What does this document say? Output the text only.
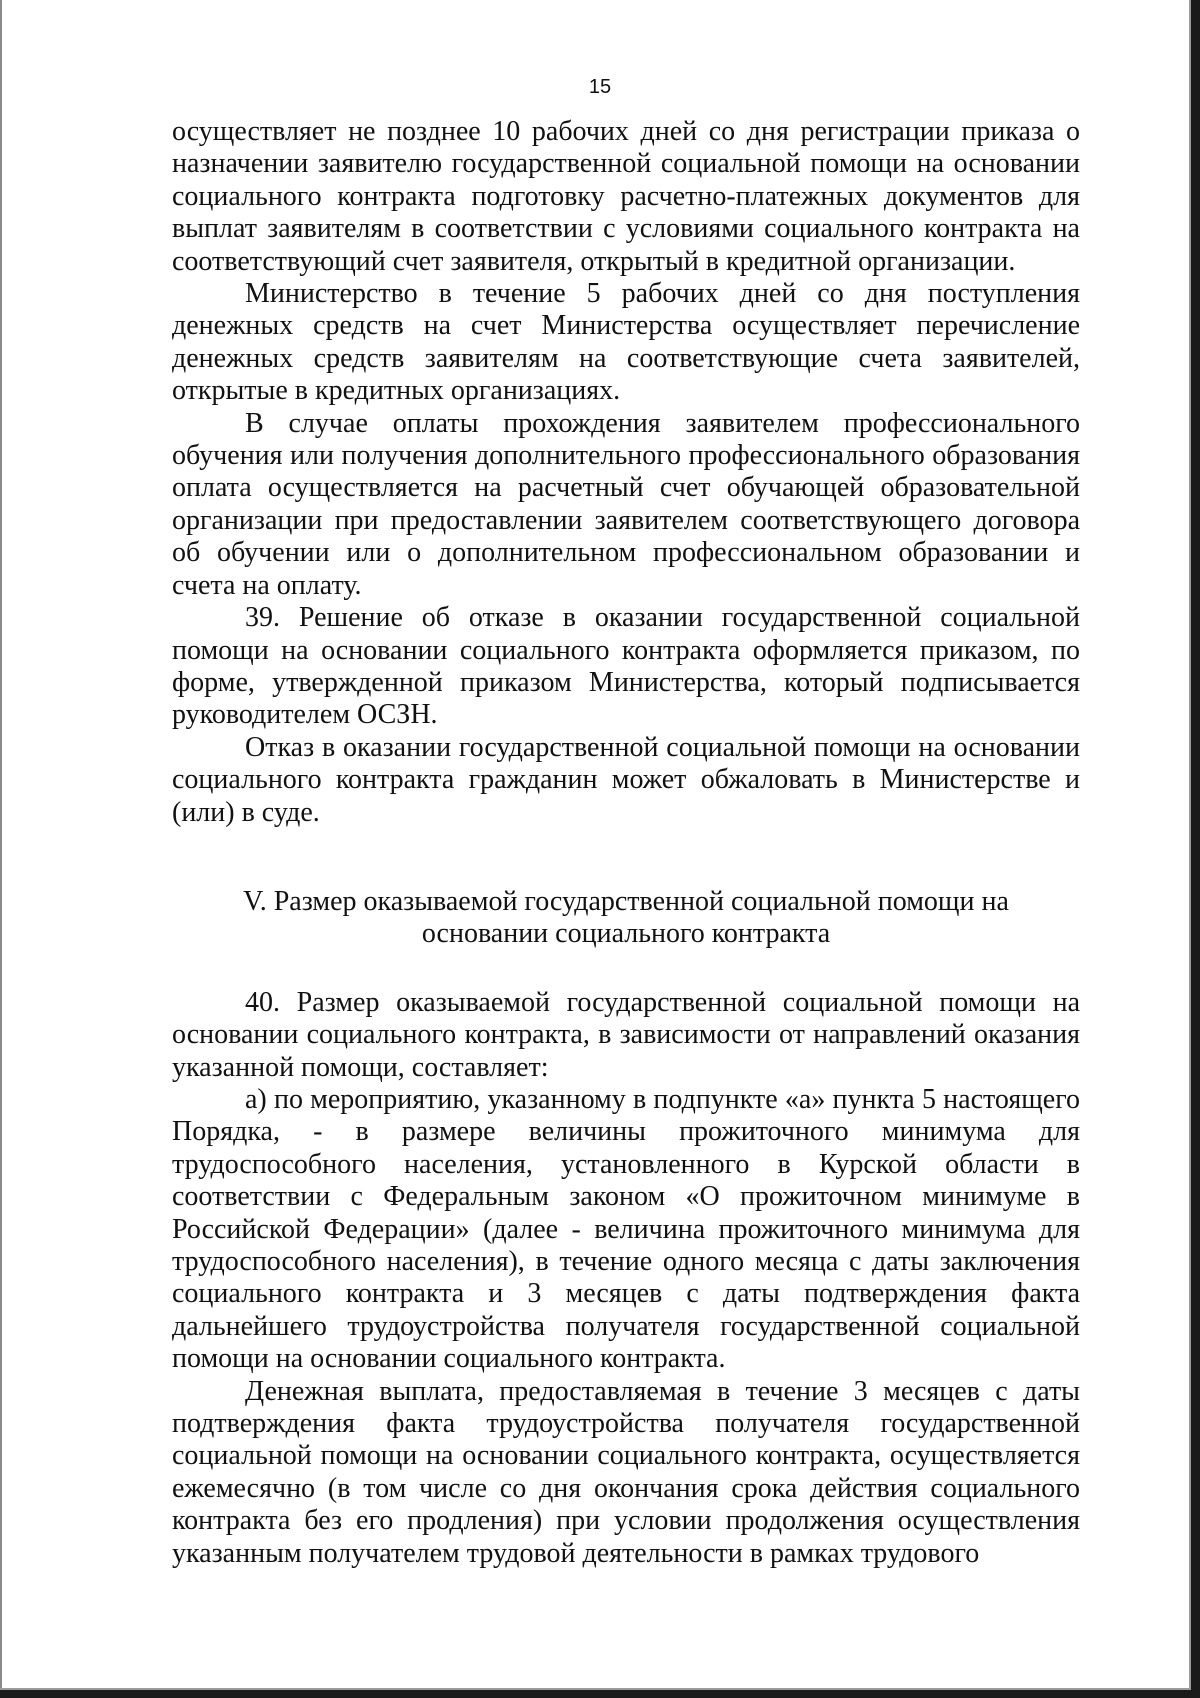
15

осуществляет не позднее 10 рабочих дней со дня регистрации приказа о назначении заявителю государственной социальной помощи на основании социального контракта подготовку расчетно-платежных документов для выплат заявителям в соответствии с условиями социального контракта на соответствующий счет заявителя, открытый в кредитной организации.

Министерство в течение 5 рабочих дней со дня поступления денежных средств на счет Министерства осуществляет перечисление денежных средств заявителям на соответствующие счета заявителей, открытые в кредитных организациях.

В случае оплаты прохождения заявителем профессионального обучения или получения дополнительного профессионального образования оплата осуществляется на расчетный счет обучающей образовательной организации при предоставлении заявителем соответствующего договора об обучении или о дополнительном профессиональном образовании и счета на оплату.

39. Решение об отказе в оказании государственной социальной помощи на основании социального контракта оформляется приказом, по форме, утвержденной приказом Министерства, который подписывается руководителем ОСЗН.

Отказ в оказании государственной социальной помощи на основании социального контракта гражданин может обжаловать в Министерстве и (или) в суде.

V. Размер оказываемой государственной социальной помощи на
основании социального контракта

40. Размер оказываемой государственной социальной помощи на основании социального контракта, в зависимости от направлений оказания указанной помощи, составляет:

а) по мероприятию, указанному в подпункте «а» пункта 5 настоящего Порядка, - в размере величины прожиточного минимума для трудоспособного населения, установленного в Курской области в соответствии с Федеральным законом «О прожиточном минимуме в Российской Федерации» (далее - величина прожиточного минимума для трудоспособного населения), в течение одного месяца с даты заключения социального контракта и 3 месяцев с даты подтверждения факта дальнейшего трудоустройства получателя государственной социальной помощи на основании социального контракта.

Денежная выплата, предоставляемая в течение 3 месяцев с даты подтверждения факта трудоустройства получателя государственной социальной помощи на основании социального контракта, осуществляется ежемесячно (в том числе со дня окончания срока действия социального контракта без его продления) при условии продолжения осуществления указанным получателем трудовой деятельности в рамках трудового
